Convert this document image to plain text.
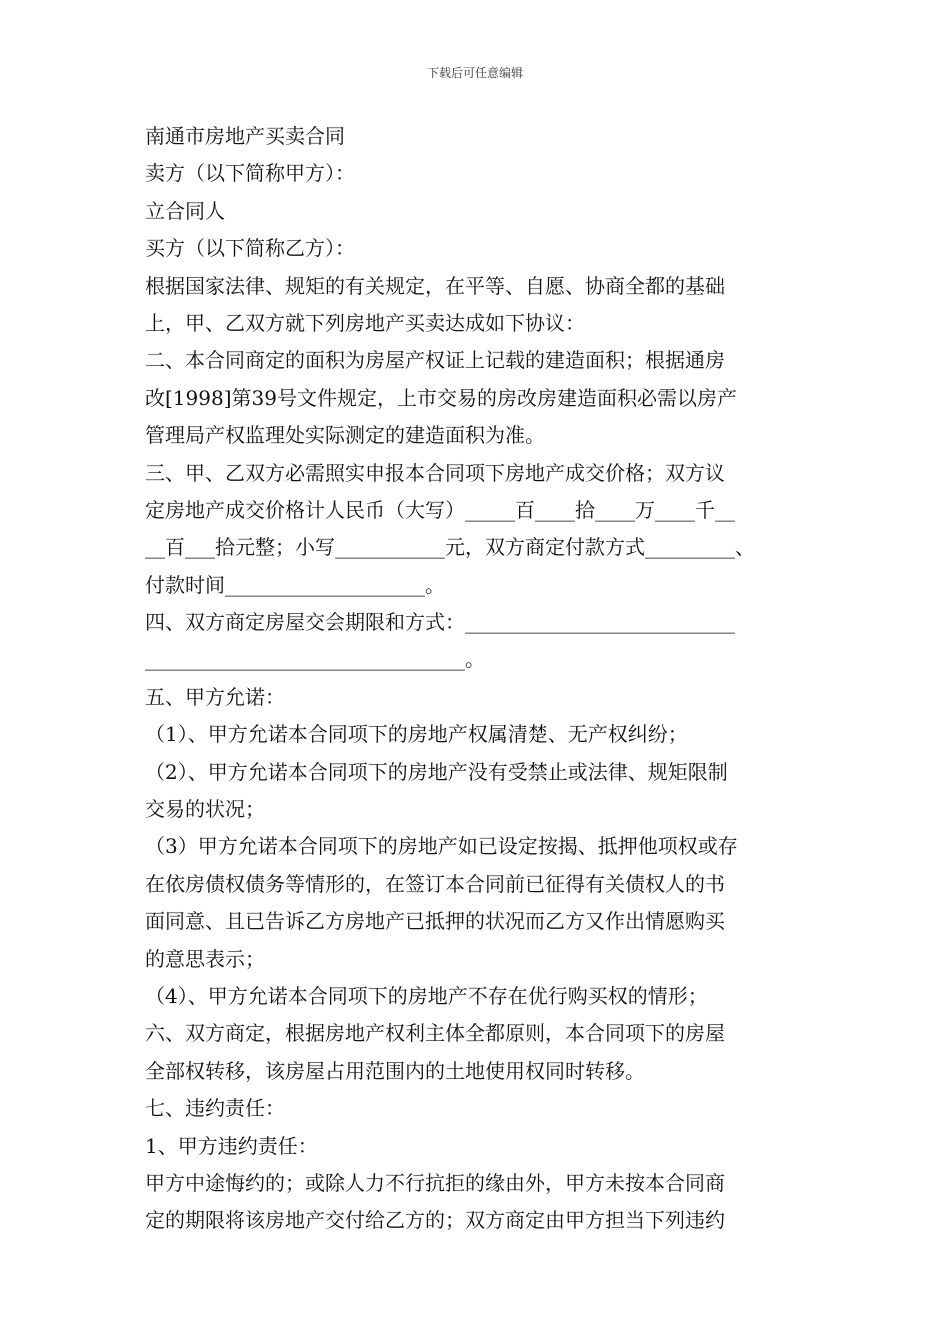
下载后可任意编辑
南通市房地产买卖合同
卖方（以下简称甲方）：
立合同人
买方（以下简称乙方）：
根据国家法律、规矩的有关规定，在平等、自愿、协商全都的基础
上，甲、乙双方就下列房地产买卖达成如下协议：
二、本合同商定的面积为房屋产权证上记载的建造面积；根据通房
改[1998]第39号文件规定，上市交易的房改房建造面积必需以房产
管理局产权监理处实际测定的建造面积为准。
三、甲、乙双方必需照实申报本合同项下房地产成交价格；双方议
定房地产成交价格计人民币（大写）_____百____拾____万____千__
__百___拾元整；小写___________元，双方商定付款方式_________、
付款时间____________________。
四、双方商定房屋交会期限和方式：___________________________
________________________________。
五、甲方允诺：
（1）、甲方允诺本合同项下的房地产权属清楚、无产权纠纷；
（2）、甲方允诺本合同项下的房地产没有受禁止或法律、规矩限制
交易的状况；
（3）甲方允诺本合同项下的房地产如已设定按揭、抵押他项权或存
在依房债权债务等情形的，在签订本合同前已征得有关债权人的书
面同意、且已告诉乙方房地产已抵押的状况而乙方又作出情愿购买
的意思表示；
（4）、甲方允诺本合同项下的房地产不存在优行购买权的情形；
六、双方商定，根据房地产权利主体全都原则，本合同项下的房屋
全部权转移，该房屋占用范围内的土地使用权同时转移。
七、违约责任：
1、甲方违约责任：
甲方中途悔约的；或除人力不行抗拒的缘由外，甲方未按本合同商
定的期限将该房地产交付给乙方的；双方商定由甲方担当下列违约
